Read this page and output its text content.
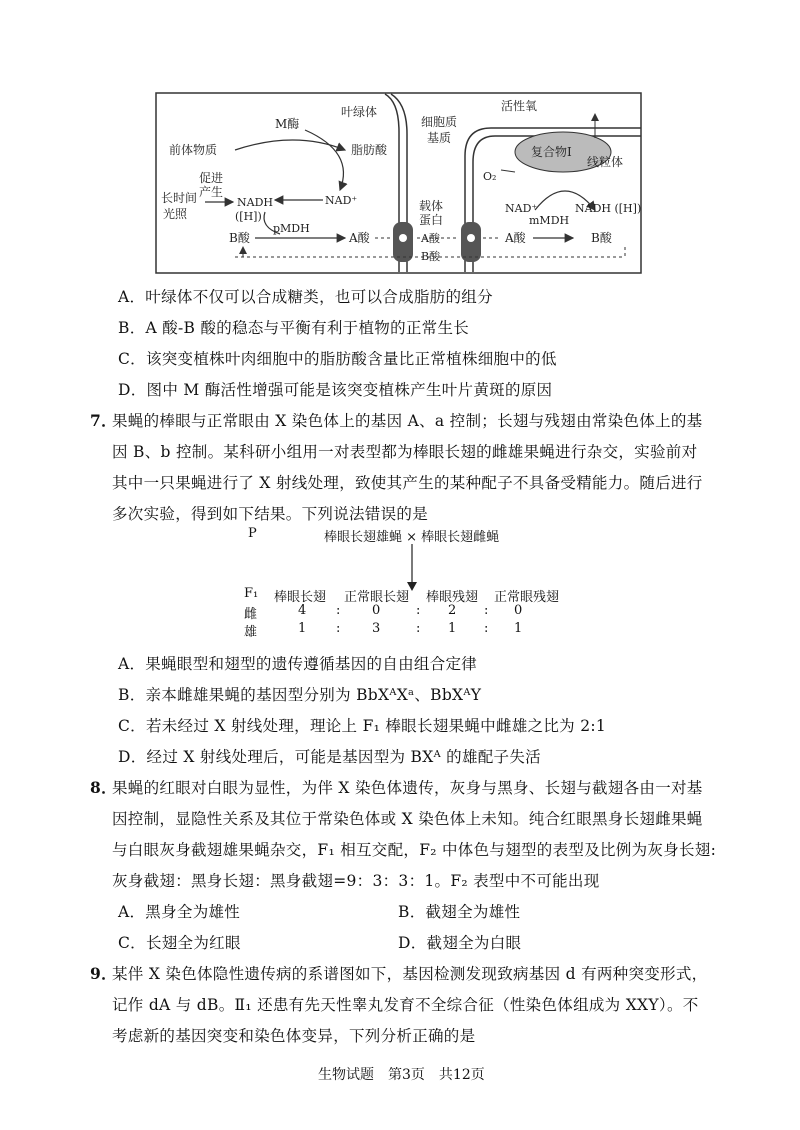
前体物质
M酶
脂肪酸
叶绿体
细胞质
基质
活性氧
复合物Ⅰ
线粒体
促进
产生
长时间
光照
NADH
([H])
NAD⁺
pMDH
B酸	A酸
载体
蛋白
A酸
B酸
O₂
NAD⁺
mMDH
NADH ([H])
A酸	B酸
A．叶绿体不仅可以合成糖类，也可以合成脂肪的组分
B．A 酸-B 酸的稳态与平衡有利于植物的正常生长
C．该突变植株叶肉细胞中的脂肪酸含量比正常植株细胞中的低
D．图中 M 酶活性增强可能是该突变植株产生叶片黄斑的原因
7．
果蝇的棒眼与正常眼由 X 染色体上的基因 A、a 控制；长翅与残翅由常染色体上的基
因 B、b 控制。某科研小组用一对表型都为棒眼长翅的雌雄果蝇进行杂交，实验前对
其中一只果蝇进行了 X 射线处理，致使其产生的某种配子不具备受精能力。随后进行
多次实验，得到如下结果。下列说法错误的是
P	棒眼长翅雄蝇 × 棒眼长翅雌蝇
F₁ 棒眼长翅 正常眼长翅 棒眼残翅 正常眼残翅
雌	4 : 0	: 2 : 0
雄	1 : 3	: 1 : 1
A．果蝇眼型和翅型的遗传遵循基因的自由组合定律
B．亲本雌雄果蝇的基因型分别为 BbXᴬXᵃ、BbXᴬY
C．若未经过 X 射线处理，理论上 F₁ 棒眼长翅果蝇中雌雄之比为 2:1
D．经过 X 射线处理后，可能是基因型为 BXᴬ 的雄配子失活
8．
果蝇的红眼对白眼为显性，为伴 X 染色体遗传，灰身与黑身、长翅与截翅各由一对基
因控制，显隐性关系及其位于常染色体或 X 染色体上未知。纯合红眼黑身长翅雌果蝇
与白眼灰身截翅雄果蝇杂交，F₁ 相互交配，F₂ 中体色与翅型的表型及比例为灰身长翅:
灰身截翅：黑身长翅：黑身截翅=9：3：3：1。F₂ 表型中不可能出现
A．黑身全为雄性	B．截翅全为雄性
C．长翅全为红眼	D．截翅全为白眼
9．
某伴 X 染色体隐性遗传病的系谱图如下，基因检测发现致病基因 d 有两种突变形式，
记作 dA 与 dB。Ⅱ₁ 还患有先天性睾丸发育不全综合征（性染色体组成为 XXY）。不
考虑新的基因突变和染色体变异，下列分析正确的是
生物试题　第3页　共12页
